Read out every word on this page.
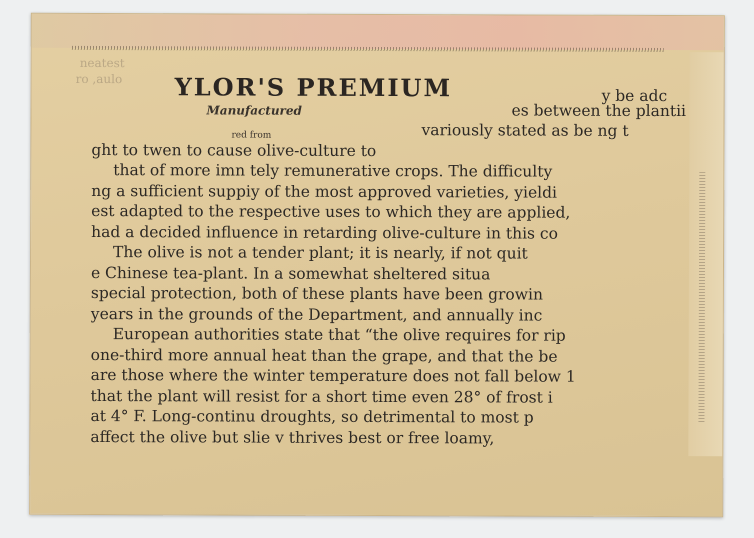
neatest
ro ,aulo
y be adc
es between the plantii
variously stated as be ng t
ght to twen to cause olive-culture to
that of more imn tely remunerative crops. The difficulty
ng a sufficient suppiy of the most approved varieties, yieldi
est adapted to the respective uses to which they are applied,
had a decided influence in retarding olive-culture in this co
The olive is not a tender plant; it is nearly, if not quit
e Chinese tea-plant. In a somewhat sheltered situa
special protection, both of these plants have been growin
years in the grounds of the Department, and annually inc
European authorities state that “the olive requires for rip
one-third more annual heat than the grape, and that the be
are those where the winter temperature does not fall below 1
that the plant will resist for a short time even 28° of frost i
at 4° F. Long-continu droughts, so detrimental to most p
affect the olive but slie v thrives best or free loamy,
YLOR'S PREMIUM
Manufactured
red from
